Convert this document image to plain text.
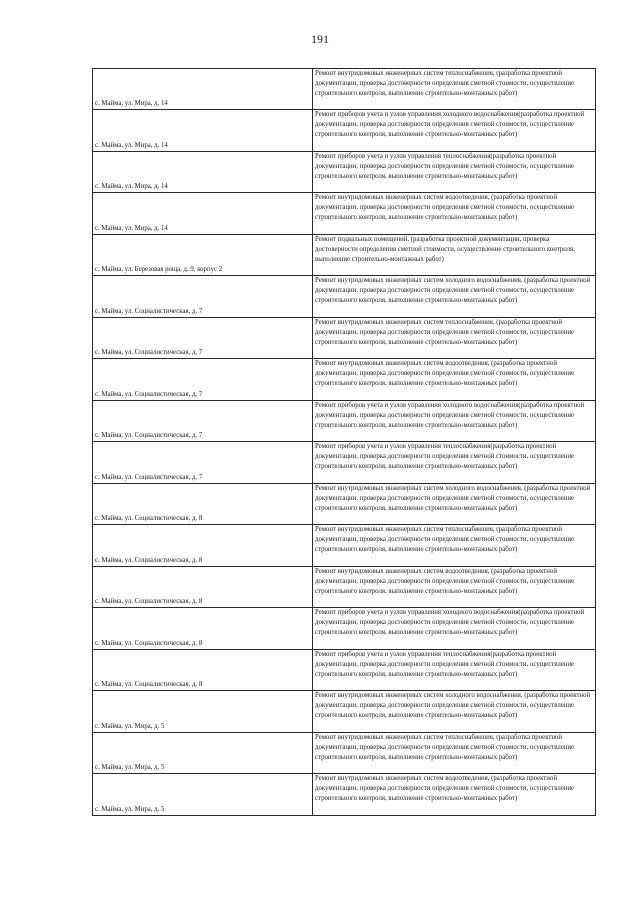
191
с. Майма, ул. Мира, д. 14	Ремонт внутридомовых инженерных систем теплоснабжения, (разработка проектной документации, проверка достоверности определения сметной стоимости, осуществление строительного контроля, выполнение строительно-монтажных работ)
с. Майма, ул. Мира, д. 14	Ремонт приборов учета и узлов управления холодного водоснабжения(разработка проектной документации, проверка достоверности определения сметной стоимости, осуществление строительного контроля, выполнение строительно-монтажных работ)
с. Майма, ул. Мира, д. 14	Ремонт приборов учета и узлов управления теплоснабжения(разработка проектной документации, проверка достоверности определения сметной стоимости, осуществление строительного контроля, выполнение строительно-монтажных работ)
с. Майма, ул. Мира, д. 14	Ремонт внутридомовых инженерных систем водоотведения, (разработка проектной документации, проверка достоверности определения сметной стоимости, осуществление строительного контроля, выполнение строительно-монтажных работ)
с. Майма, ул. Березовая роща, д. 9, корпус 2	Ремонт подвальных помещений, (разработка проектной документации, проверка достоверности определения сметной стоимости, осуществление строительного контроля, выполнение строительно-монтажных работ)
с. Майма, ул. Социалистическая, д. 7	Ремонт внутридомовых инженерных систем холодного водоснабжения, (разработка проектной документации, проверка достоверности определения сметной стоимости, осуществление строительного контроля, выполнение строительно-монтажных работ)
с. Майма, ул. Социалистическая, д. 7	Ремонт внутридомовых инженерных систем теплоснабжения, (разработка проектной документации, проверка достоверности определения сметной стоимости, осуществление строительного контроля, выполнение строительно-монтажных работ)
с. Майма, ул. Социалистическая, д. 7	Ремонт внутридомовых инженерных систем водоотведения, (разработка проектной документации, проверка достоверности определения сметной стоимости, осуществление строительного контроля, выполнение строительно-монтажных работ)
с. Майма, ул. Социалистическая, д. 7	Ремонт приборов учета и узлов управления холодного водоснабжения(разработка проектной документации, проверка достоверности определения сметной стоимости, осуществление строительного контроля, выполнение строительно-монтажных работ)
с. Майма, ул. Социалистическая, д. 7	Ремонт приборов учета и узлов управления теплоснабжения(разработка проектной документации, проверка достоверности определения сметной стоимости, осуществление строительного контроля, выполнение строительно-монтажных работ)
с. Майма, ул. Социалистическая, д. 8	Ремонт внутридомовых инженерных систем холодного водоснабжения, (разработка проектной документации, проверка достоверности определения сметной стоимости, осуществление строительного контроля, выполнение строительно-монтажных работ)
с. Майма, ул. Социалистическая, д. 8	Ремонт внутридомовых инженерных систем теплоснабжения, (разработка проектной документации, проверка достоверности определения сметной стоимости, осуществление строительного контроля, выполнение строительно-монтажных работ)
с. Майма, ул. Социалистическая, д. 8	Ремонт внутридомовых инженерных систем водоотведения, (разработка проектной документации, проверка достоверности определения сметной стоимости, осуществление строительного контроля, выполнение строительно-монтажных работ)
с. Майма, ул. Социалистическая, д. 8	Ремонт приборов учета и узлов управления холодного водоснабжения(разработка проектной документации, проверка достоверности определения сметной стоимости, осуществление строительного контроля, выполнение строительно-монтажных работ)
с. Майма, ул. Социалистическая, д. 8	Ремонт приборов учета и узлов управления теплоснабжения(разработка проектной документации, проверка достоверности определения сметной стоимости, осуществление строительного контроля, выполнение строительно-монтажных работ)
с. Майма, ул. Мира, д. 5	Ремонт внутридомовых инженерных систем холодного водоснабжения, (разработка проектной документации, проверка достоверности определения сметной стоимости, осуществление строительного контроля, выполнение строительно-монтажных работ)
с. Майма, ул. Мира, д. 5	Ремонт внутридомовых инженерных систем теплоснабжения, (разработка проектной документации, проверка достоверности определения сметной стоимости, осуществление строительного контроля, выполнение строительно-монтажных работ)
с. Майма, ул. Мира, д. 5	Ремонт внутридомовых инженерных систем водоотведения, (разработка проектной документации, проверка достоверности определения сметной стоимости, осуществление строительного контроля, выполнение строительно-монтажных работ)
